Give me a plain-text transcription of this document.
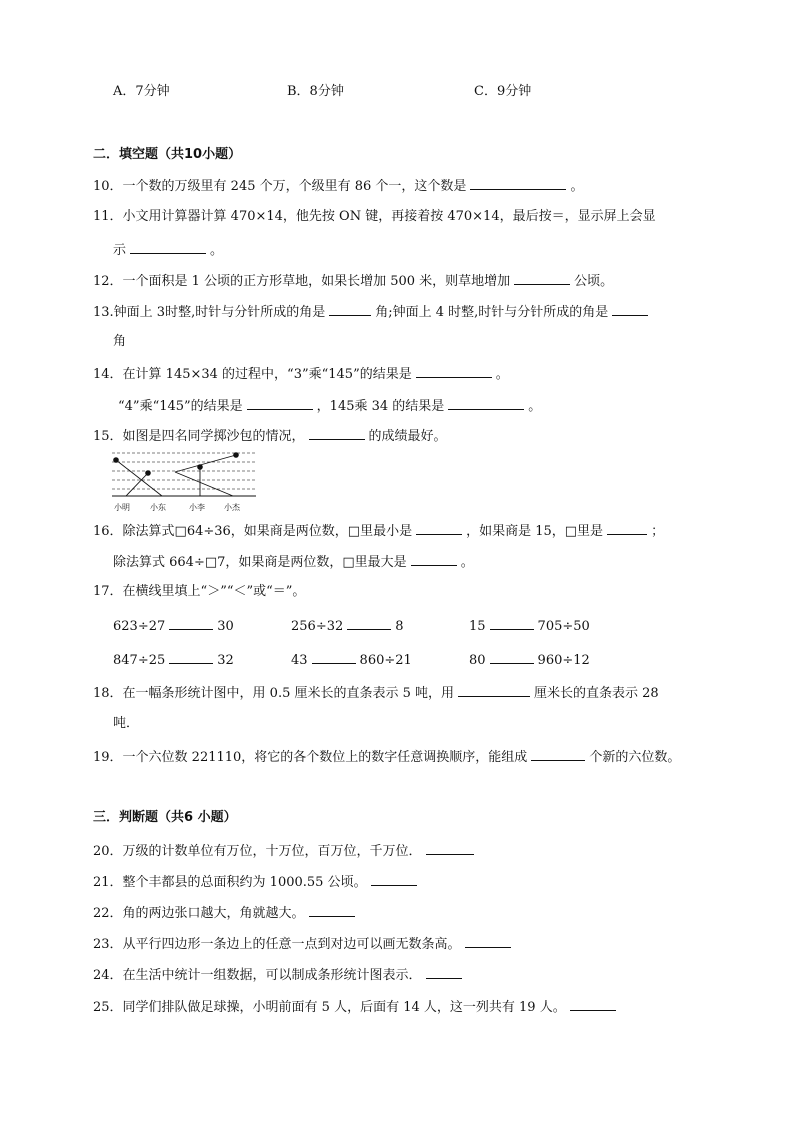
A．7分钟	B．8分钟	C．9分钟
二．填空题（共10小题）
10．一个数的万级里有 245 个万，个级里有 86 个一，这个数是	。
11．小文用计算器计算 470×14，他先按 ON 键，再接着按 470×14，最后按＝，显示屏上会显
示	。
12．一个面积是 1 公顷的正方形草地，如果长增加 500 米，则草地增加	公顷。
13.钟面上 3时整,时针与分针所成的角是	角;钟面上 4 时整,时针与分针所成的角是
角
14．在计算 145×34 的过程中，“3”乘“145”的结果是	。
“4”乘“145”的结果是	，145乘 34 的结果是	。
15．如图是四名同学掷沙包的情况，	的成绩最好。
小明	小东	小李 小杰
16．除法算式□64÷36，如果商是两位数，□里最小是	，如果商是 15，□里是	；
除法算式 664÷□7，如果商是两位数，□里最大是	。
17．在横线里填上“＞”“＜”或“＝”。
623÷27	30	256÷32	8	15	705÷50
847÷25	32	43	860÷21	80	960÷12
18．在一幅条形统计图中，用 0.5 厘米长的直条表示 5 吨，用	厘米长的直条表示 28
吨．
19．一个六位数 221110，将它的各个数位上的数字任意调换顺序，能组成	个新的六位数。
三．判断题（共6 小题）
20．万级的计数单位有万位，十万位，百万位，千万位．
21．整个丰都县的总面积约为 1000.55 公顷。
22．角的两边张口越大，角就越大。
23．从平行四边形一条边上的任意一点到对边可以画无数条高。
24．在生活中统计一组数据，可以制成条形统计图表示．
25．同学们排队做足球操，小明前面有 5 人，后面有 14 人，这一列共有 19 人。
